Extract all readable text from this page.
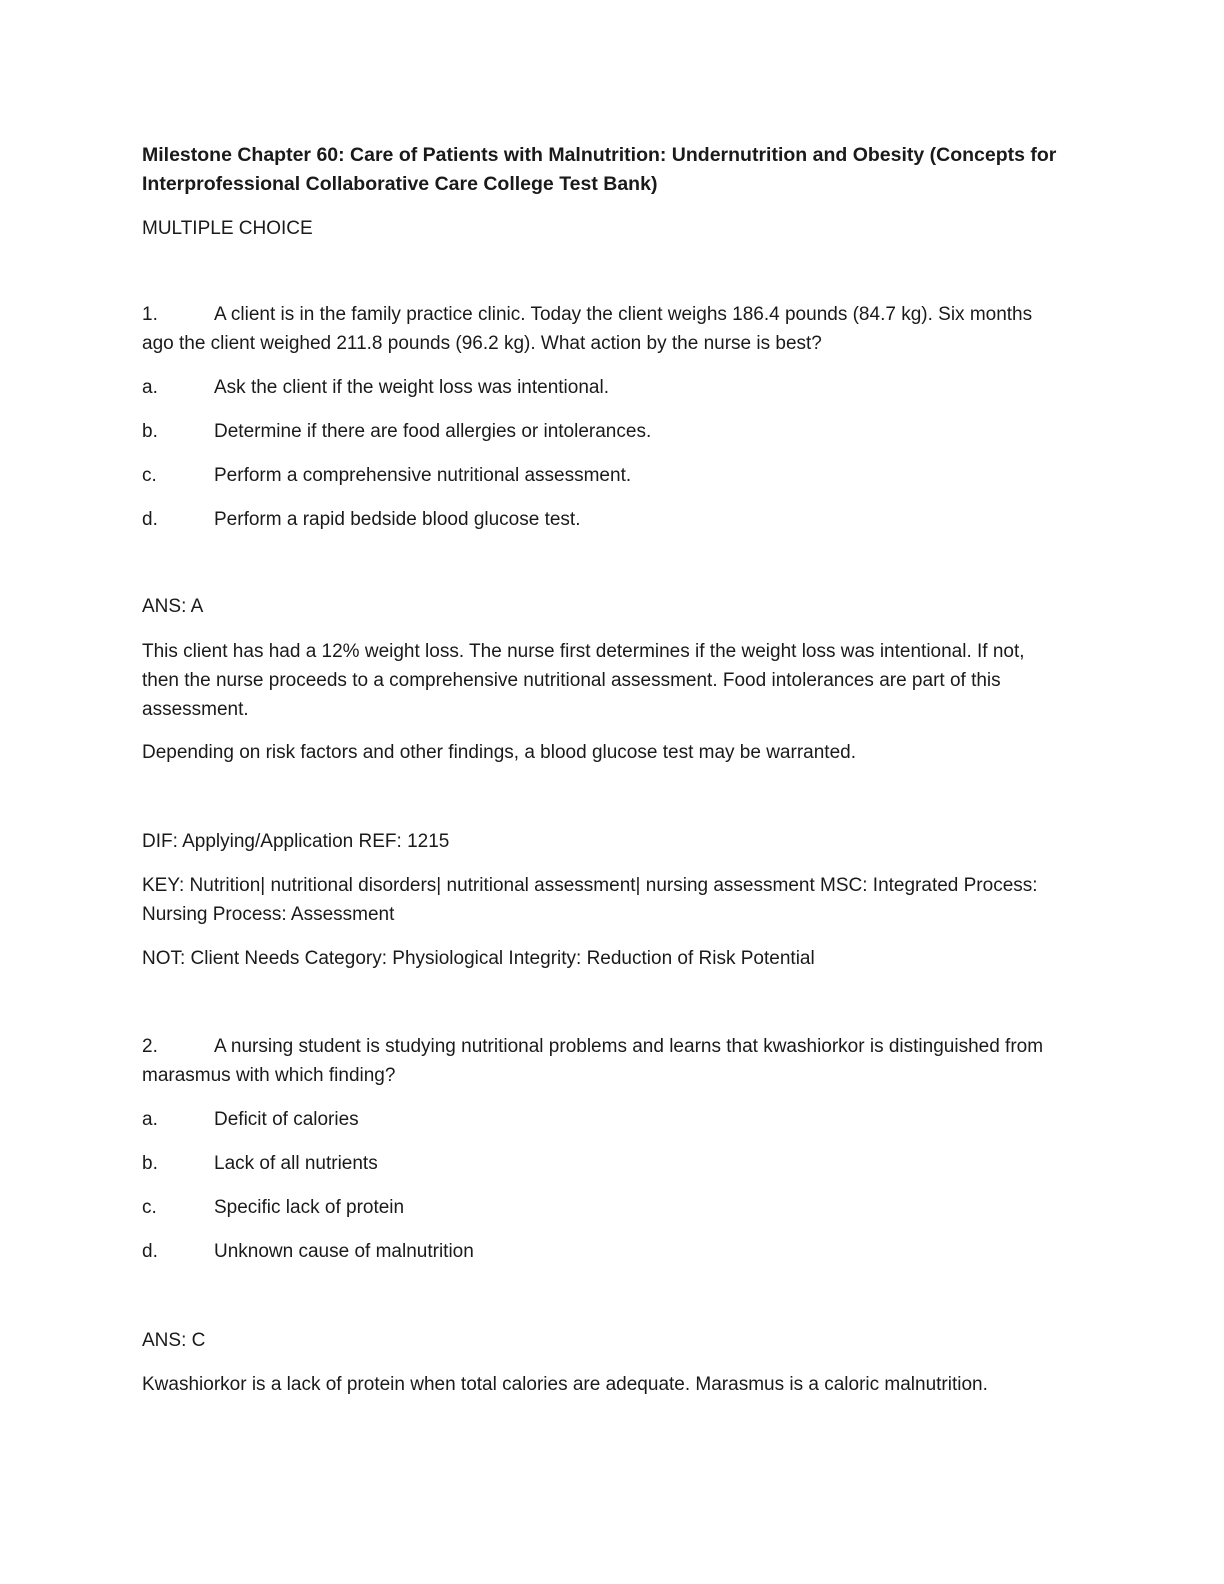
Milestone Chapter 60: Care of Patients with Malnutrition: Undernutrition and Obesity (Concepts for Interprofessional Collaborative Care College Test Bank)
MULTIPLE CHOICE
1.	A client is in the family practice clinic. Today the client weighs 186.4 pounds (84.7 kg). Six months ago the client weighed 211.8 pounds (96.2 kg). What action by the nurse is best?
a.	Ask the client if the weight loss was intentional.
b.	Determine if there are food allergies or intolerances.
c.	Perform a comprehensive nutritional assessment.
d.	Perform a rapid bedside blood glucose test.
ANS: A
This client has had a 12% weight loss. The nurse first determines if the weight loss was intentional. If not, then the nurse proceeds to a comprehensive nutritional assessment. Food intolerances are part of this assessment.
Depending on risk factors and other findings, a blood glucose test may be warranted.
DIF: Applying/Application REF: 1215
KEY: Nutrition| nutritional disorders| nutritional assessment| nursing assessment MSC: Integrated Process: Nursing Process: Assessment
NOT: Client Needs Category: Physiological Integrity: Reduction of Risk Potential
2.	A nursing student is studying nutritional problems and learns that kwashiorkor is distinguished from marasmus with which finding?
a.	Deficit of calories
b.	Lack of all nutrients
c.	Specific lack of protein
d.	Unknown cause of malnutrition
ANS: C
Kwashiorkor is a lack of protein when total calories are adequate. Marasmus is a caloric malnutrition.
